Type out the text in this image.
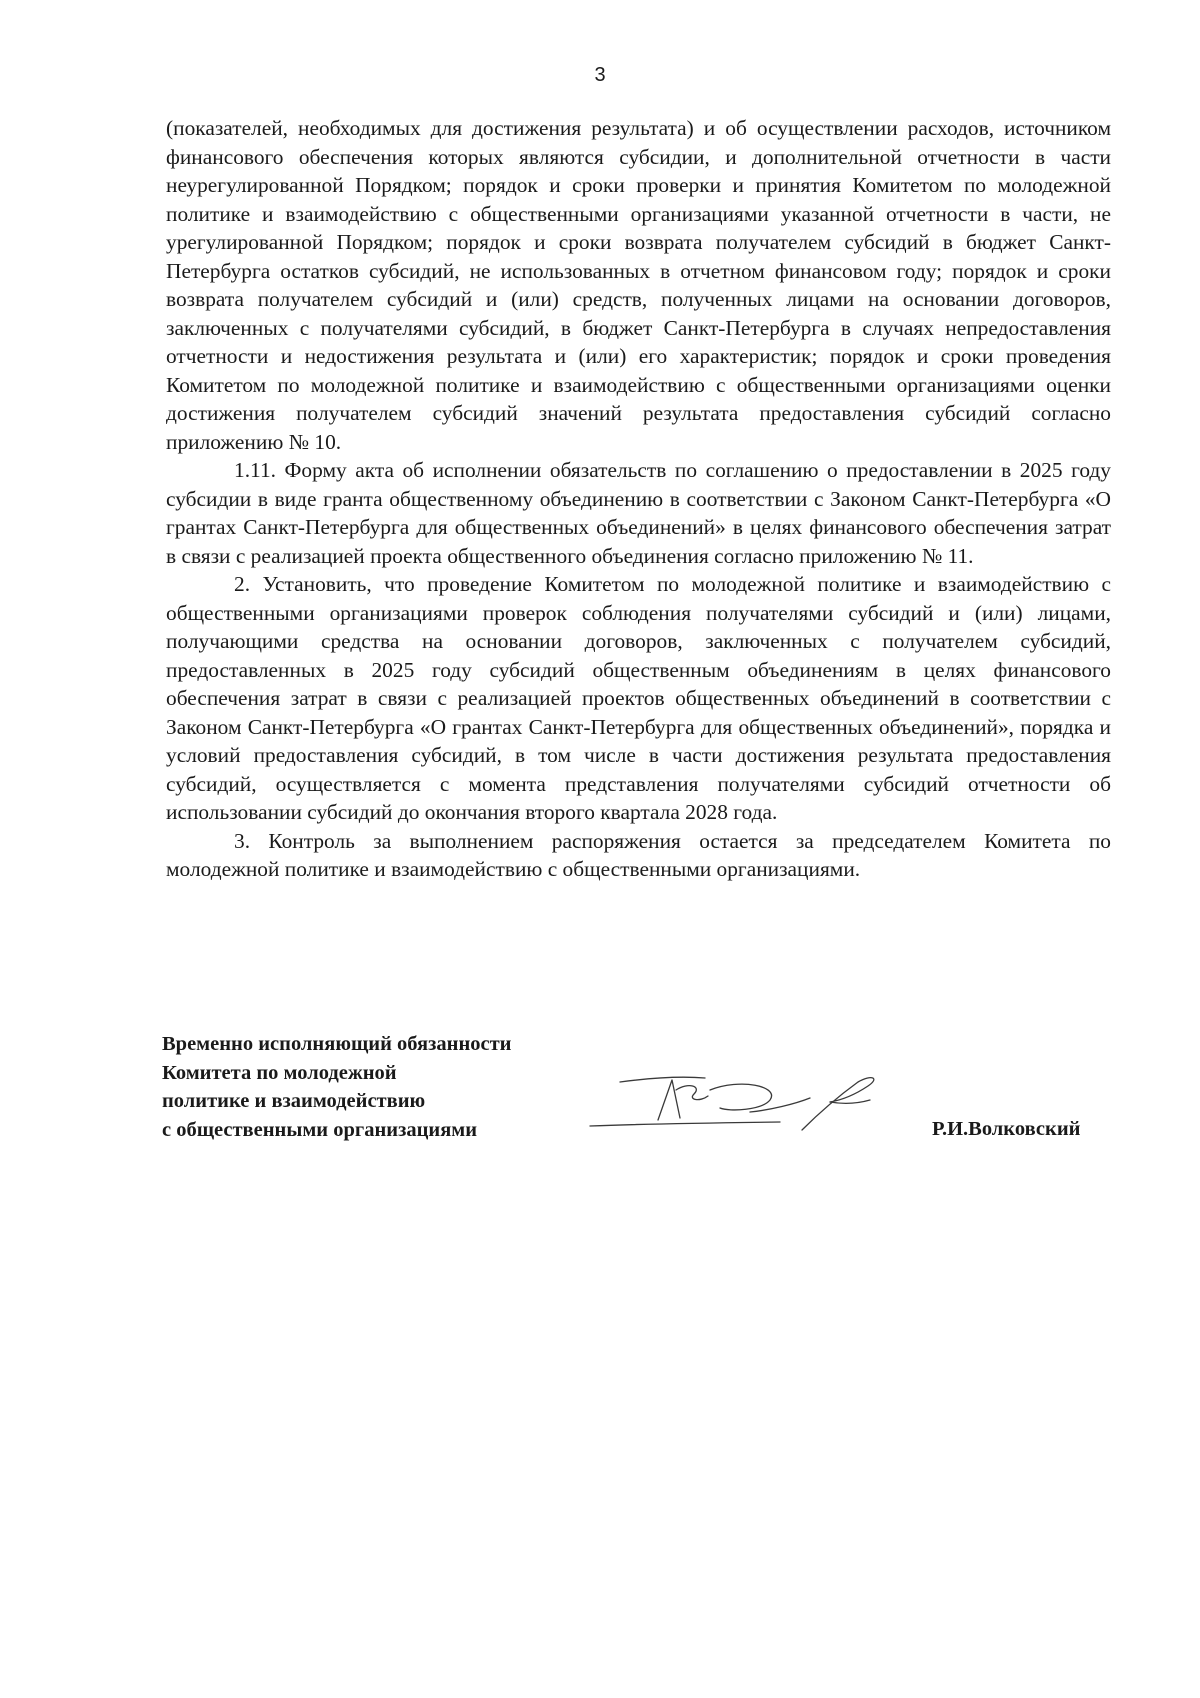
3

(показателей, необходимых для достижения результата) и об осуществлении расходов, источником финансового обеспечения которых являются субсидии, и дополнительной отчетности в части неурегулированной Порядком; порядок и сроки проверки и принятия Комитетом по молодежной политике и взаимодействию с общественными организациями указанной отчетности в части, не урегулированной Порядком; порядок и сроки возврата получателем субсидий в бюджет Санкт-Петербурга остатков субсидий, не использованных в отчетном финансовом году; порядок и сроки возврата получателем субсидий и (или) средств, полученных лицами на основании договоров, заключенных с получателями субсидий, в бюджет Санкт-Петербурга в случаях непредоставления отчетности и недостижения результата и (или) его характеристик; порядок и сроки проведения Комитетом по молодежной политике и взаимодействию с общественными организациями оценки достижения получателем субсидий значений результата предоставления субсидий согласно приложению № 10.

1.11. Форму акта об исполнении обязательств по соглашению о предоставлении в 2025 году субсидии в виде гранта общественному объединению в соответствии с Законом Санкт-Петербурга «О грантах Санкт-Петербурга для общественных объединений» в целях финансового обеспечения затрат в связи с реализацией проекта общественного объединения согласно приложению № 11.

2. Установить, что проведение Комитетом по молодежной политике и взаимодействию с общественными организациями проверок соблюдения получателями субсидий и (или) лицами, получающими средства на основании договоров, заключенных с получателем субсидий, предоставленных в 2025 году субсидий общественным объединениям в целях финансового обеспечения затрат в связи с реализацией проектов общественных объединений в соответствии с Законом Санкт-Петербурга «О грантах Санкт-Петербурга для общественных объединений», порядка и условий предоставления субсидий, в том числе в части достижения результата предоставления субсидий, осуществляется с момента представления получателями субсидий отчетности об использовании субсидий до окончания второго квартала 2028 года.

3. Контроль за выполнением распоряжения остается за председателем Комитета по молодежной политике и взаимодействию с общественными организациями.

Временно исполняющий обязанности
Комитета по молодежной
политике и взаимодействию
с общественными организациями	Р.И.Волковский
